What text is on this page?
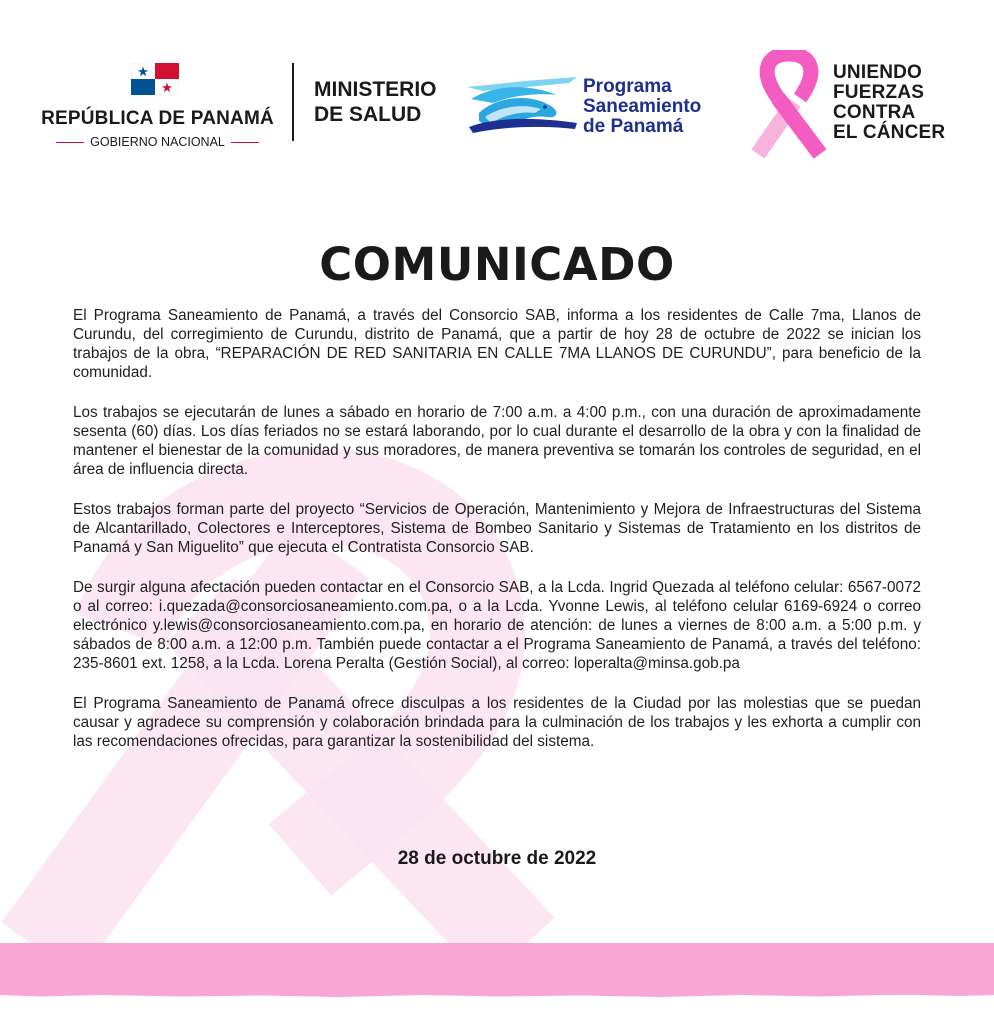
REPÚBLICA DE PANAMÁ
GOBIERNO NACIONAL
MINISTERIO
DE SALUD
Programa
Saneamiento
de Panamá
UNIENDO
FUERZAS
CONTRA
EL CÁNCER
COMUNICADO

El Programa Saneamiento de Panamá, a través del Consorcio SAB, informa a los residentes de Calle 7ma, Llanos de Curundu, del corregimiento de Curundu, distrito de Panamá, que a partir de hoy 28 de octubre de 2022 se inician los trabajos de la obra, “REPARACIÓN DE RED SANITARIA EN CALLE 7MA LLANOS DE CURUNDU”, para beneficio de la comunidad.

Los trabajos se ejecutarán de lunes a sábado en horario de 7:00 a.m. a 4:00 p.m., con una duración de aproximadamente sesenta (60) días. Los días feriados no se estará laborando, por lo cual durante el desarrollo de la obra y con la finalidad de mantener el bienestar de la comunidad y sus moradores, de manera preventiva se tomarán los controles de seguridad, en el área de influencia directa.

Estos trabajos forman parte del proyecto “Servicios de Operación, Mantenimiento y Mejora de Infraestructuras del Sistema de Alcantarillado, Colectores e Interceptores, Sistema de Bombeo Sanitario y Sistemas de Tratamiento en los distritos de Panamá y San Miguelito” que ejecuta el Contratista Consorcio SAB.

De surgir alguna afectación pueden contactar en el Consorcio SAB, a la Lcda. Ingrid Quezada al teléfono celular: 6567-0072 o al correo: i.quezada@consorciosaneamiento.com.pa, o a la Lcda. Yvonne Lewis, al teléfono celular 6169-6924 o correo electrónico y.lewis@consorciosaneamiento.com.pa, en horario de atención: de lunes a viernes de 8:00 a.m. a 5:00 p.m. y sábados de 8:00 a.m. a 12:00 p.m. También puede contactar a el Programa Saneamiento de Panamá, a través del teléfono: 235-8601 ext. 1258, a la Lcda. Lorena Peralta (Gestión Social), al correo: loperalta@minsa.gob.pa

El Programa Saneamiento de Panamá ofrece disculpas a los residentes de la Ciudad por las molestias que se puedan causar y agradece su comprensión y colaboración brindada para la culminación de los trabajos y les exhorta a cumplir con las recomendaciones ofrecidas, para garantizar la sostenibilidad del sistema.

28 de octubre de 2022
